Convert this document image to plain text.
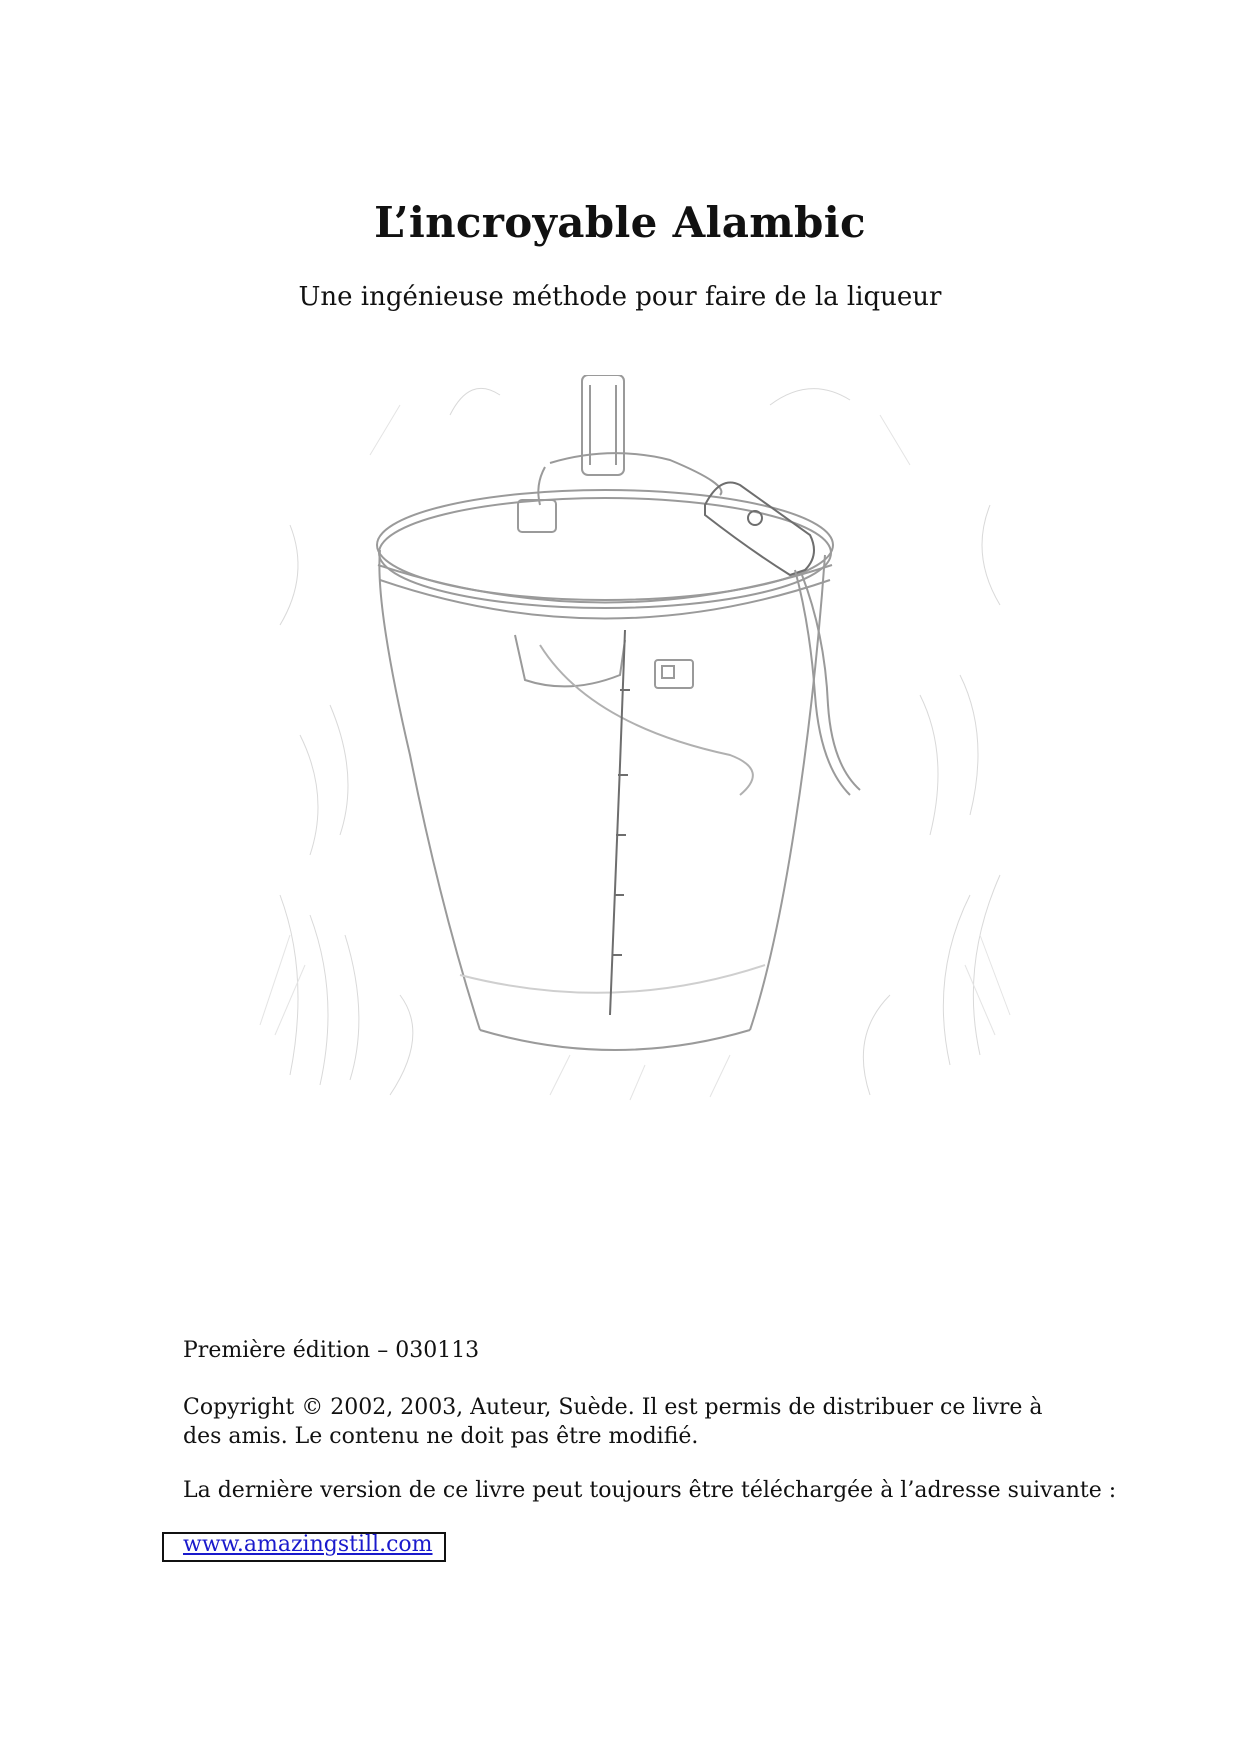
L’incroyable Alambic

Une ingénieuse méthode pour faire de la liqueur

Première édition – 030113

Copyright © 2002, 2003, Auteur, Suède. Il est permis de distribuer ce livre à des amis. Le contenu ne doit pas être modifié.

La dernière version de ce livre peut toujours être téléchargée à l’adresse suivante :

www.amazingstill.com
